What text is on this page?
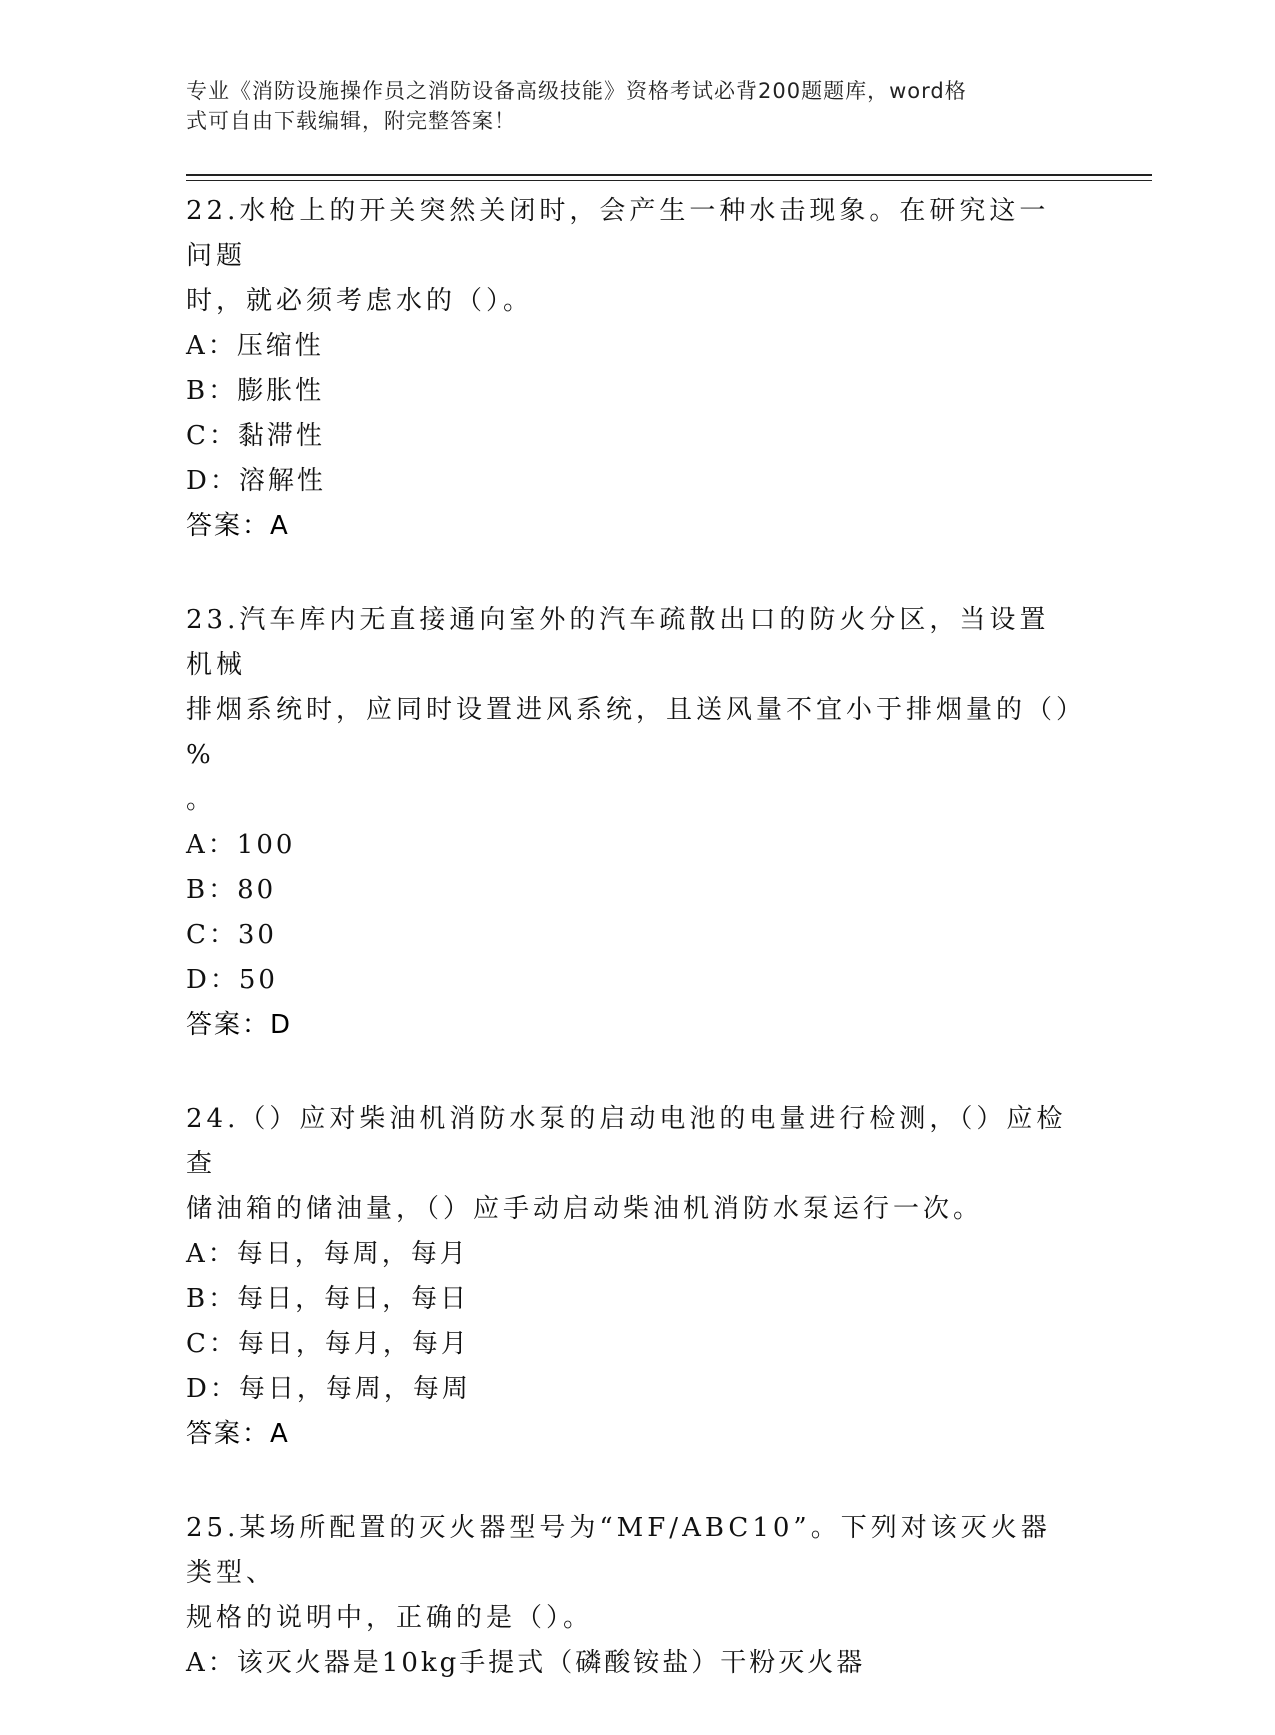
专业《消防设施操作员之消防设备高级技能》资格考试必背200题题库，word格
式可自由下载编辑，附完整答案！
22.水枪上的开关突然关闭时，会产生一种水击现象。在研究这一问题
时，就必须考虑水的（）。
A：压缩性
B：膨胀性
C：黏滞性
D：溶解性
答案：A
23.汽车库内无直接通向室外的汽车疏散出口的防火分区，当设置机械
排烟系统时，应同时设置进风系统，且送风量不宜小于排烟量的（）%
。
A：100
B：80
C：30
D：50
答案：D
24.（）应对柴油机消防水泵的启动电池的电量进行检测，（）应检查
储油箱的储油量，（）应手动启动柴油机消防水泵运行一次。
A：每日，每周，每月
B：每日，每日，每日
C：每日，每月，每月
D：每日，每周，每周
答案：A
25.某场所配置的灭火器型号为“MF/ABC10”。下列对该灭火器类型、
规格的说明中，正确的是（）。
A：该灭火器是10kg手提式（磷酸铵盐）干粉灭火器
